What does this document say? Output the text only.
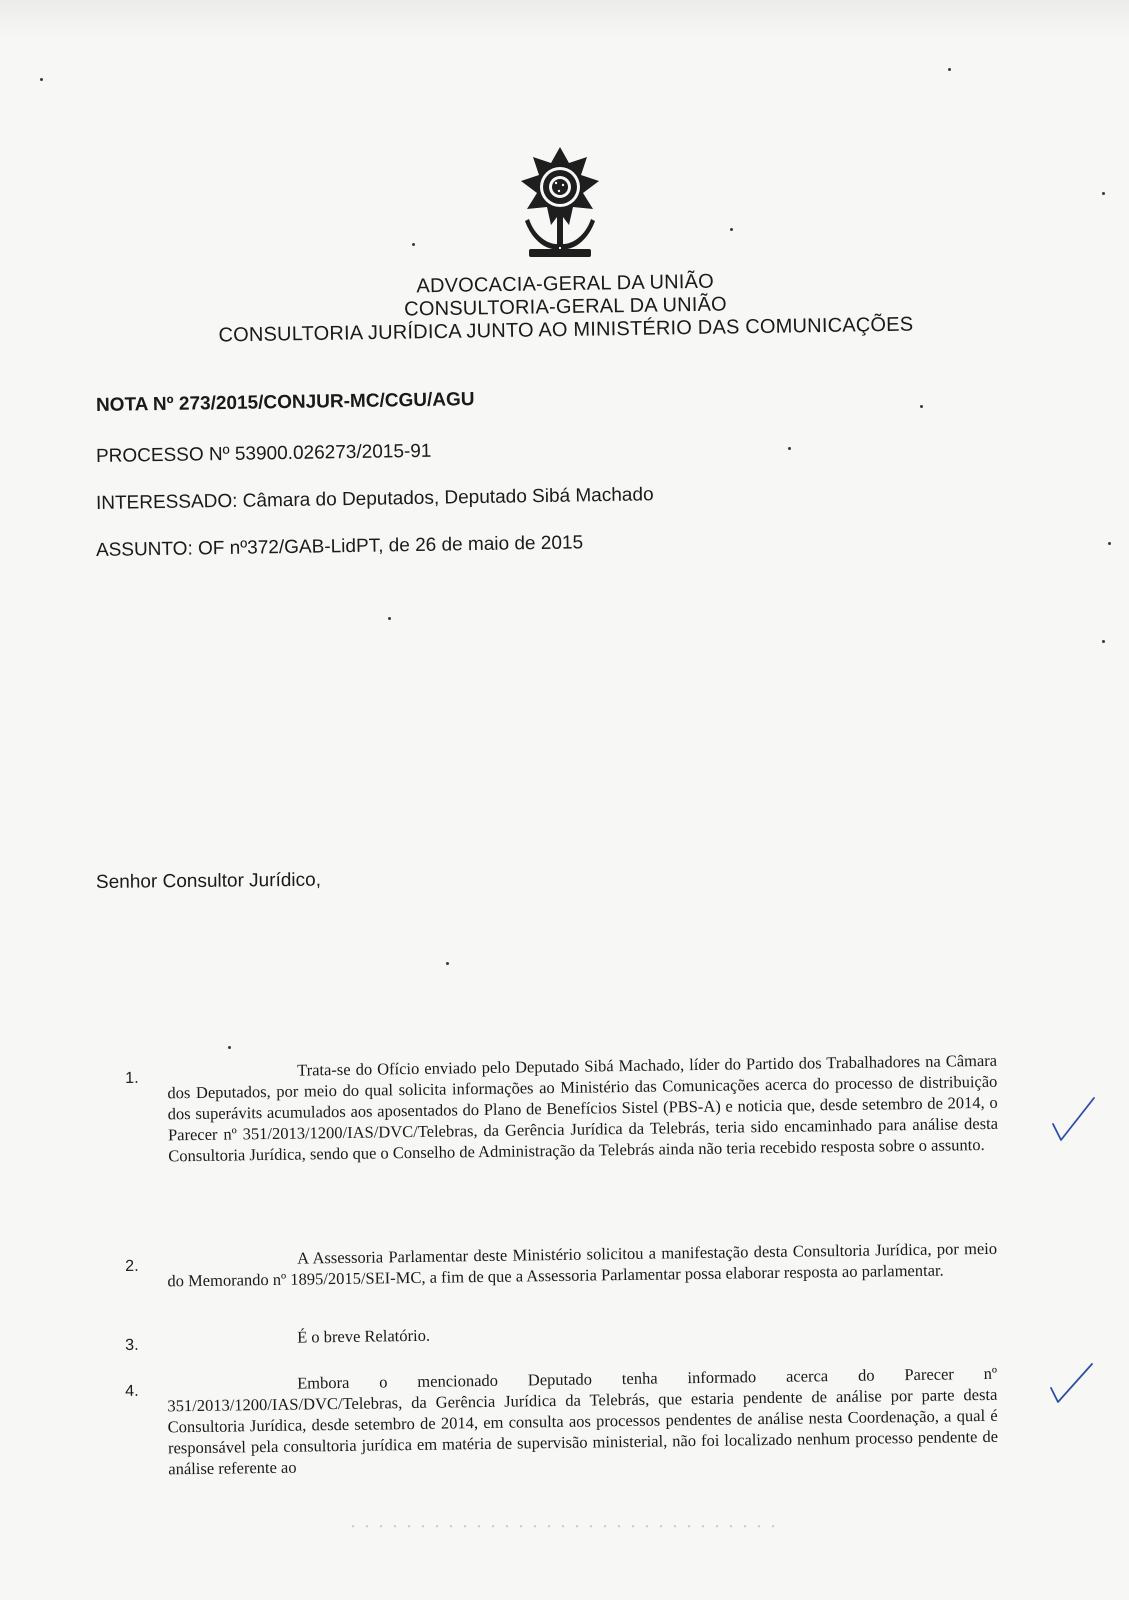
ADVOCACIA-GERAL DA UNIÃO
CONSULTORIA-GERAL DA UNIÃO
CONSULTORIA JURÍDICA JUNTO AO MINISTÉRIO DAS COMUNICAÇÕES
NOTA Nº 273/2015/CONJUR-MC/CGU/AGU
PROCESSO Nº 53900.026273/2015-91
INTERESSADO: Câmara do Deputados, Deputado Sibá Machado
ASSUNTO: OF nº372/GAB-LidPT, de 26 de maio de 2015
Senhor Consultor Jurídico,
1.	Trata-se do Ofício enviado pelo Deputado Sibá Machado, líder do Partido dos Trabalhadores na Câmara dos Deputados, por meio do qual solicita informações ao Ministério das Comunicações acerca do processo de distribuição dos superávits acumulados aos aposentados do Plano de Benefícios Sistel (PBS-A) e noticia que, desde setembro de 2014, o Parecer nº 351/2013/1200/IAS/DVC/Telebras, da Gerência Jurídica da Telebrás, teria sido encaminhado para análise desta Consultoria Jurídica, sendo que o Conselho de Administração da Telebrás ainda não teria recebido resposta sobre o assunto.
2.	A Assessoria Parlamentar deste Ministério solicitou a manifestação desta Consultoria Jurídica, por meio do Memorando nº 1895/2015/SEI-MC, a fim de que a Assessoria Parlamentar possa elaborar resposta ao parlamentar.
3.	É o breve Relatório.
4.	Embora o mencionado Deputado tenha informado acerca do Parecer nº 351/2013/1200/IAS/DVC/Telebras, da Gerência Jurídica da Telebrás, que estaria pendente de análise por parte desta Consultoria Jurídica, desde setembro de 2014, em consulta aos processos pendentes de análise nesta Coordenação, a qual é responsável pela consultoria jurídica em matéria de supervisão ministerial, não foi localizado nenhum processo pendente de análise referente ao
. . . . . . . . . . . . . . . . . . . . . . . . . . . . . . .
